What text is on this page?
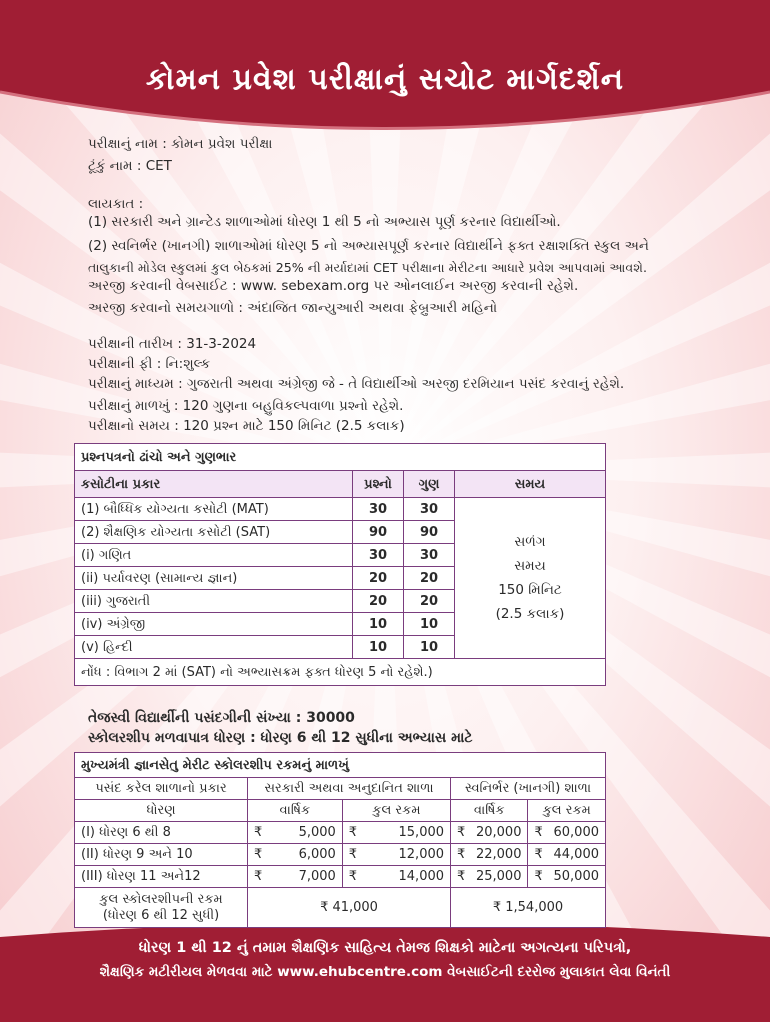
કોમન પ્રવેશ પરીક્ષાનું સચોટ માર્ગદર્શન
પરીક્ષાનું નામ : કોમન પ્રવેશ પરીક્ષા
ટૂંકું નામ : CET
લાયકાત :
(1) સરકારી અને ગ્રાન્ટેડ શાળાઓમાં ધોરણ 1 થી 5 નો અભ્યાસ પૂર્ણ કરનાર વિદ્યાર્થીઓ.
(2) સ્વનિર્ભર (ખાનગી) શાળાઓમાં ધોરણ 5 નો અભ્યાસપૂર્ણ કરનાર વિદ્યાર્થીને ફક્ત રક્ષાશક્તિ સ્કુલ અને
તાલુકાની મોડેલ સ્કુલમાં કુલ બેઠકમાં 25% ની મર્યાદામાં CET પરીક્ષાના મેરીટના આધારે પ્રવેશ આપવામાં આવશે.
અરજી કરવાની વેબસાઈટ : www. sebexam.org પર ઓનલાઈન અરજી કરવાની રહેશે.
અરજી કરવાનો સમયગાળો : અંદાજિત જાન્યુઆરી અથવા ફેબ્રુઆરી મહિનો
પરીક્ષાની તારીખ : 31-3-2024
પરીક્ષાની ફી : નિ:શુલ્ક
પરીક્ષાનું માધ્યમ : ગુજરાતી અથવા અંગ્રેજી જે - તે વિદ્યાર્થીઓ અરજી દરમિયાન પસંદ કરવાનું રહેશે.
પરીક્ષાનું માળખું : 120 ગુણના બહુવિકલ્પવાળા પ્રશ્નો રહેશે.
પરીક્ષાનો સમય : 120 પ્રશ્ન માટે 150 મિનિટ (2.5 કલાક)
પ્રશ્નપત્રનો ઢાંચો અને ગુણભાર			
કસોટીના પ્રકાર	પ્રશ્નો	ગુણ	સમય
(1) બૌધ્ધિક યોગ્યતા કસોટી (MAT)	30	30	સળંગ
સમય
150 મિનિટ
(2.5 કલાક)

(2) શૈક્ષણિક યોગ્યતા કસોટી (SAT)	90	90	
(i) ગણિત	30	30	
(ii) પર્યાવરણ (સામાન્ય જ્ઞાન)	20	20	
(iii) ગુજરાતી	20	20	
(iv) અંગ્રેજી	10	10	
(v) હિન્દી	10	10	
નોંધ : વિભાગ 2 માં (SAT) નો અભ્યાસક્રમ ફક્ત ધોરણ 5 નો રહેશે.)			
તેજસ્વી વિદ્યાર્થીની પસંદગીની સંખ્યા : 30000
સ્કોલરશીપ મળવાપાત્ર ધોરણ : ધોરણ 6 થી 12 સુધીના અભ્યાસ માટે
મુખ્યમંત્રી જ્ઞાનસેતુ મેરીટ સ્કોલરશીપ રકમનું માળખું				
પસંદ કરેલ શાળાનો પ્રકાર	સરકારી અથવા અનુદાનિત શાળા		સ્વનિર્ભર (ખાનગી) શાળા	
ધોરણ	વાર્ષિક	કુલ રકમ	વાર્ષિક	કુલ રકમ
(I) ધોરણ 6 થી 8	₹ 5,000	₹ 15,000	₹ 20,000	₹ 60,000

(II) ધોરણ 9 અને 10	₹ 6,000	₹ 12,000	₹ 22,000	₹ 44,000

(III) ધોરણ 11 અને12	₹ 7,000	₹ 14,000	₹ 25,000	₹ 50,000

કુલ સ્કોલરશીપની રકમ
(ધોરણ 6 થી 12 સુધી)	₹ 41,000		₹ 1,54,000	
ધોરણ 1 થી 12 નું તમામ શૈક્ષણિક સાહિત્ય તેમજ શિક્ષકો માટેના અગત્યના પરિપત્રો,
શૈક્ષણિક મટીરીયલ મેળવવા માટે www.ehubcentre.com વેબસાઈટની દરરોજ મુલાકાત લેવા વિનંતી
